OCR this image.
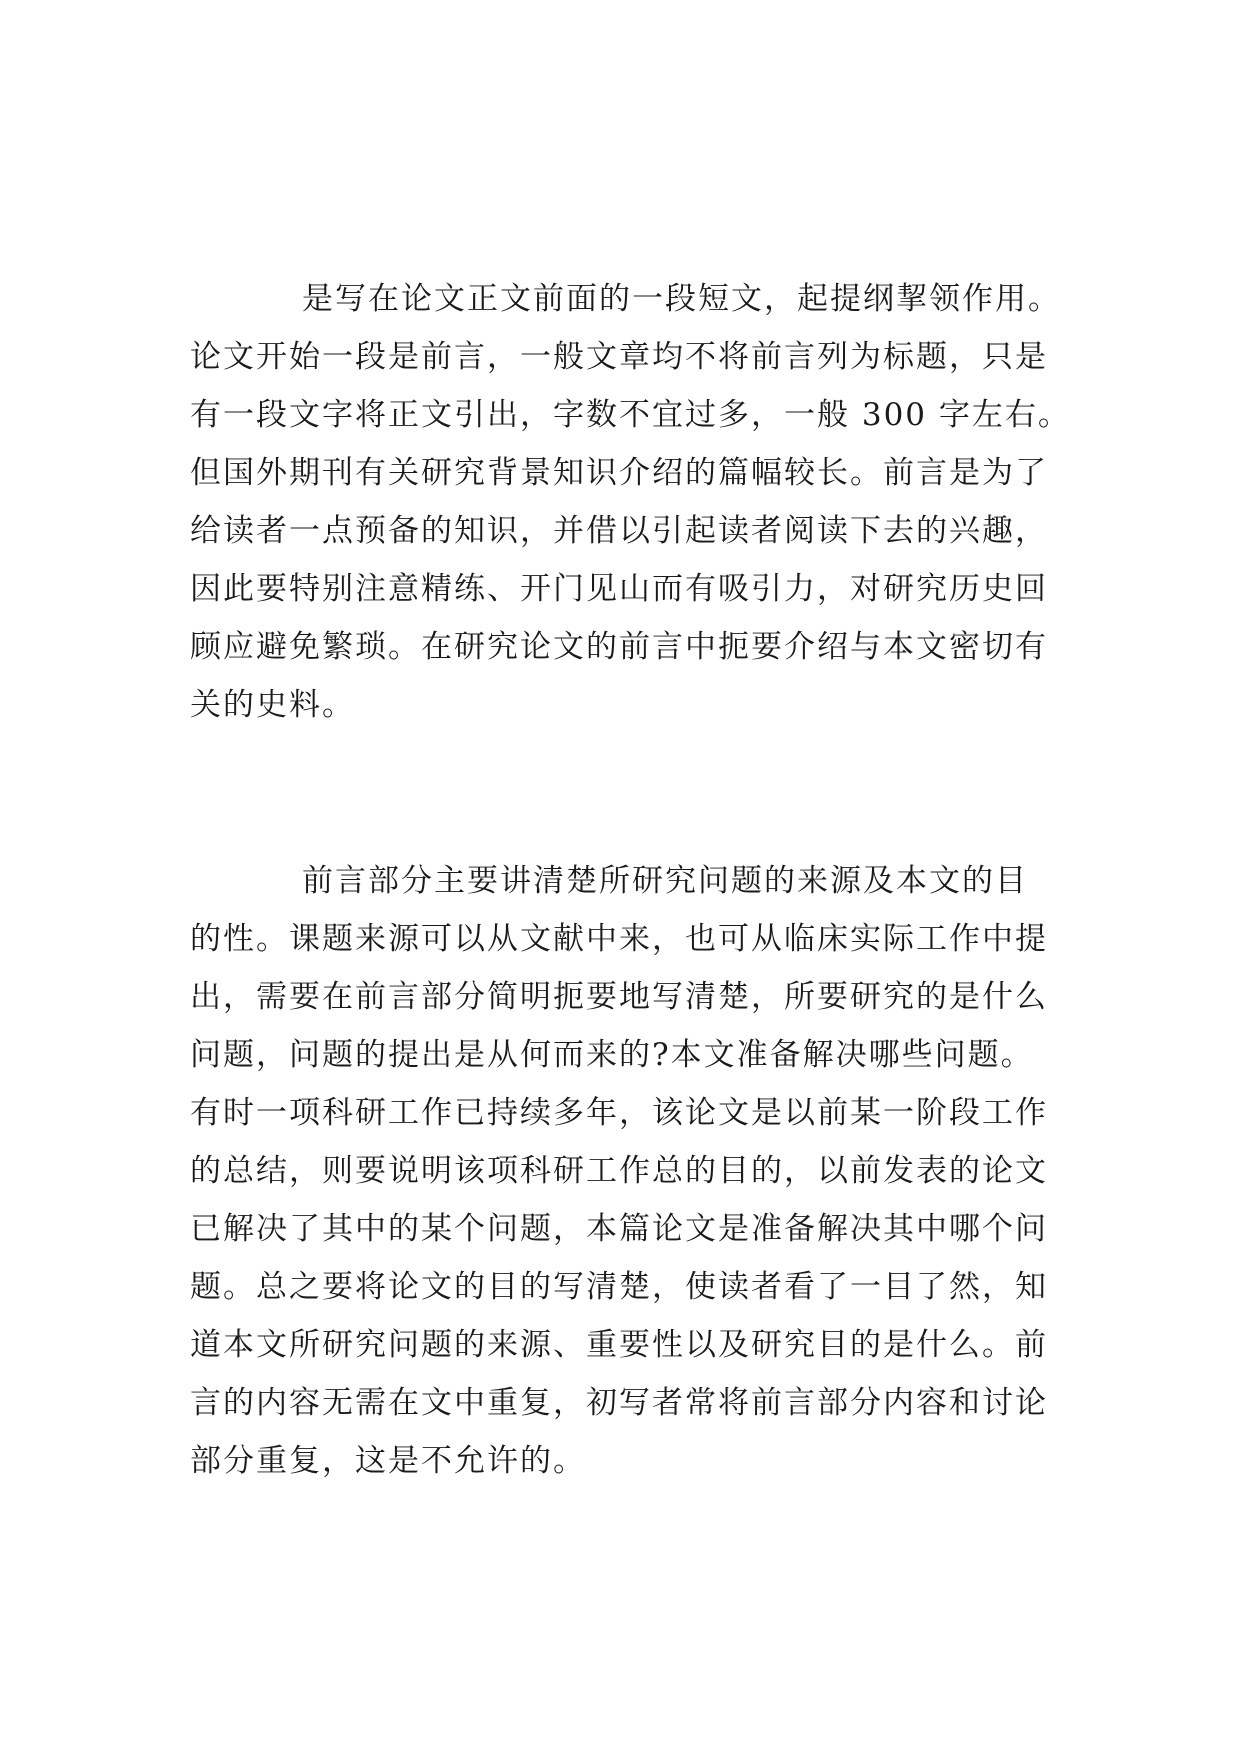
是写在论文正文前面的一段短文，起提纲挈领作用。
论文开始一段是前言，一般文章均不将前言列为标题，只是
有一段文字将正文引出，字数不宜过多，一般 300 字左右。
但国外期刊有关研究背景知识介绍的篇幅较长。前言是为了
给读者一点预备的知识，并借以引起读者阅读下去的兴趣，
因此要特别注意精练、开门见山而有吸引力，对研究历史回
顾应避免繁琐。在研究论文的前言中扼要介绍与本文密切有
关的史料。

前言部分主要讲清楚所研究问题的来源及本文的目
的性。课题来源可以从文献中来，也可从临床实际工作中提
出，需要在前言部分简明扼要地写清楚，所要研究的是什么
问题，问题的提出是从何而来的?本文准备解决哪些问题。
有时一项科研工作已持续多年，该论文是以前某一阶段工作
的总结，则要说明该项科研工作总的目的，以前发表的论文
已解决了其中的某个问题，本篇论文是准备解决其中哪个问
题。总之要将论文的目的写清楚，使读者看了一目了然，知
道本文所研究问题的来源、重要性以及研究目的是什么。前
言的内容无需在文中重复，初写者常将前言部分内容和讨论
部分重复，这是不允许的。
